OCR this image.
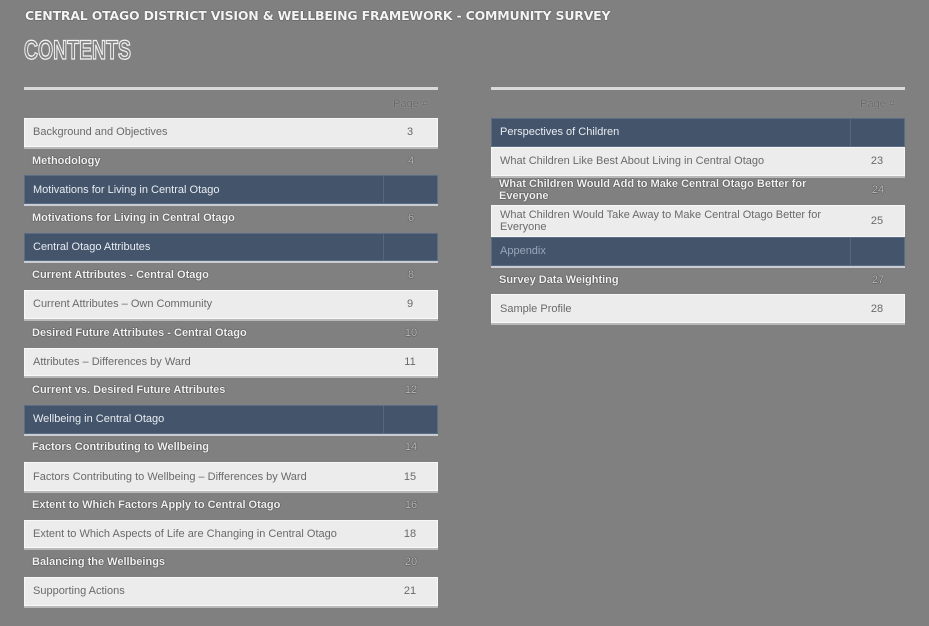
CENTRAL OTAGO DISTRICT VISION & WELLBEING FRAMEWORK - COMMUNITY SURVEY
CONTENTS
Page #
Background and Objectives	3
Methodology	4
Motivations for Living in Central Otago
Motivations for Living in Central Otago	6
Central Otago Attributes
Current Attributes - Central Otago	8
Current Attributes – Own Community	9
Desired Future Attributes - Central Otago	10
Attributes – Differences by Ward	11
Current vs. Desired Future Attributes	12
Wellbeing in Central Otago
Factors Contributing to Wellbeing	14
Factors Contributing to Wellbeing – Differences by Ward	15
Extent to Which Factors Apply to Central Otago	16
Extent to Which Aspects of Life are Changing in Central Otago	18
Balancing the Wellbeings	20
Supporting Actions	21
Page #
Perspectives of Children
What Children Like Best About Living in Central Otago	23
What Children Would Add to Make Central Otago Better for Everyone	24
What Children Would Take Away to Make Central Otago Better for Everyone	25
Appendix
Survey Data Weighting	27
Sample Profile	28
